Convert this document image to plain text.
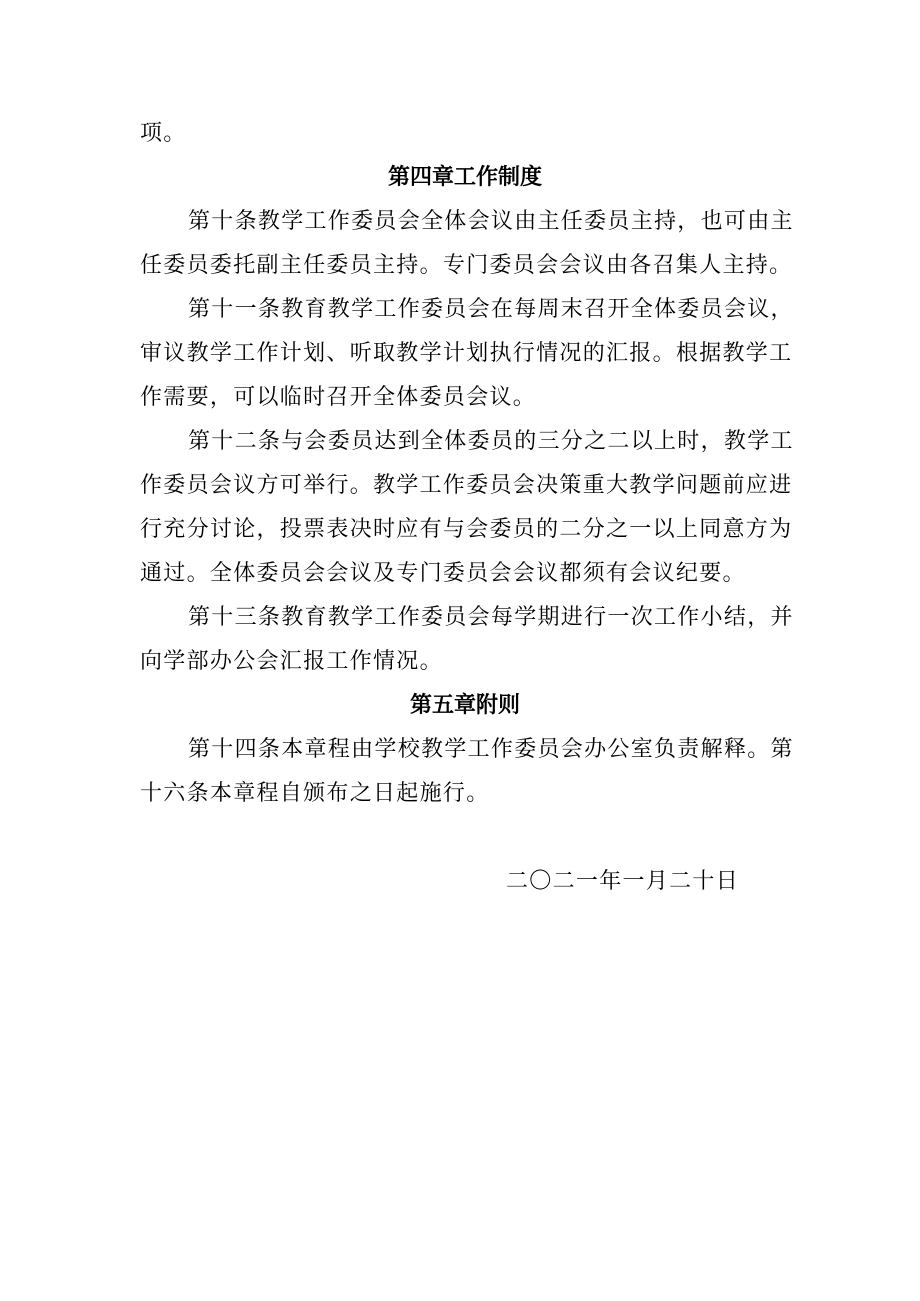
项。
第四章工作制度
第十条教学工作委员会全体会议由主任委员主持，也可由主
任委员委托副主任委员主持。专门委员会会议由各召集人主持。
第十一条教育教学工作委员会在每周末召开全体委员会议，
审议教学工作计划、听取教学计划执行情况的汇报。根据教学工
作需要，可以临时召开全体委员会议。
第十二条与会委员达到全体委员的三分之二以上时，教学工
作委员会议方可举行。教学工作委员会决策重大教学问题前应进
行充分讨论，投票表决时应有与会委员的二分之一以上同意方为
通过。全体委员会会议及专门委员会会议都须有会议纪要。
第十三条教育教学工作委员会每学期进行一次工作小结，并
向学部办公会汇报工作情况。
第五章附则
第十四条本章程由学校教学工作委员会办公室负责解释。第
十六条本章程自颁布之日起施行。
二〇二一年一月二十日
